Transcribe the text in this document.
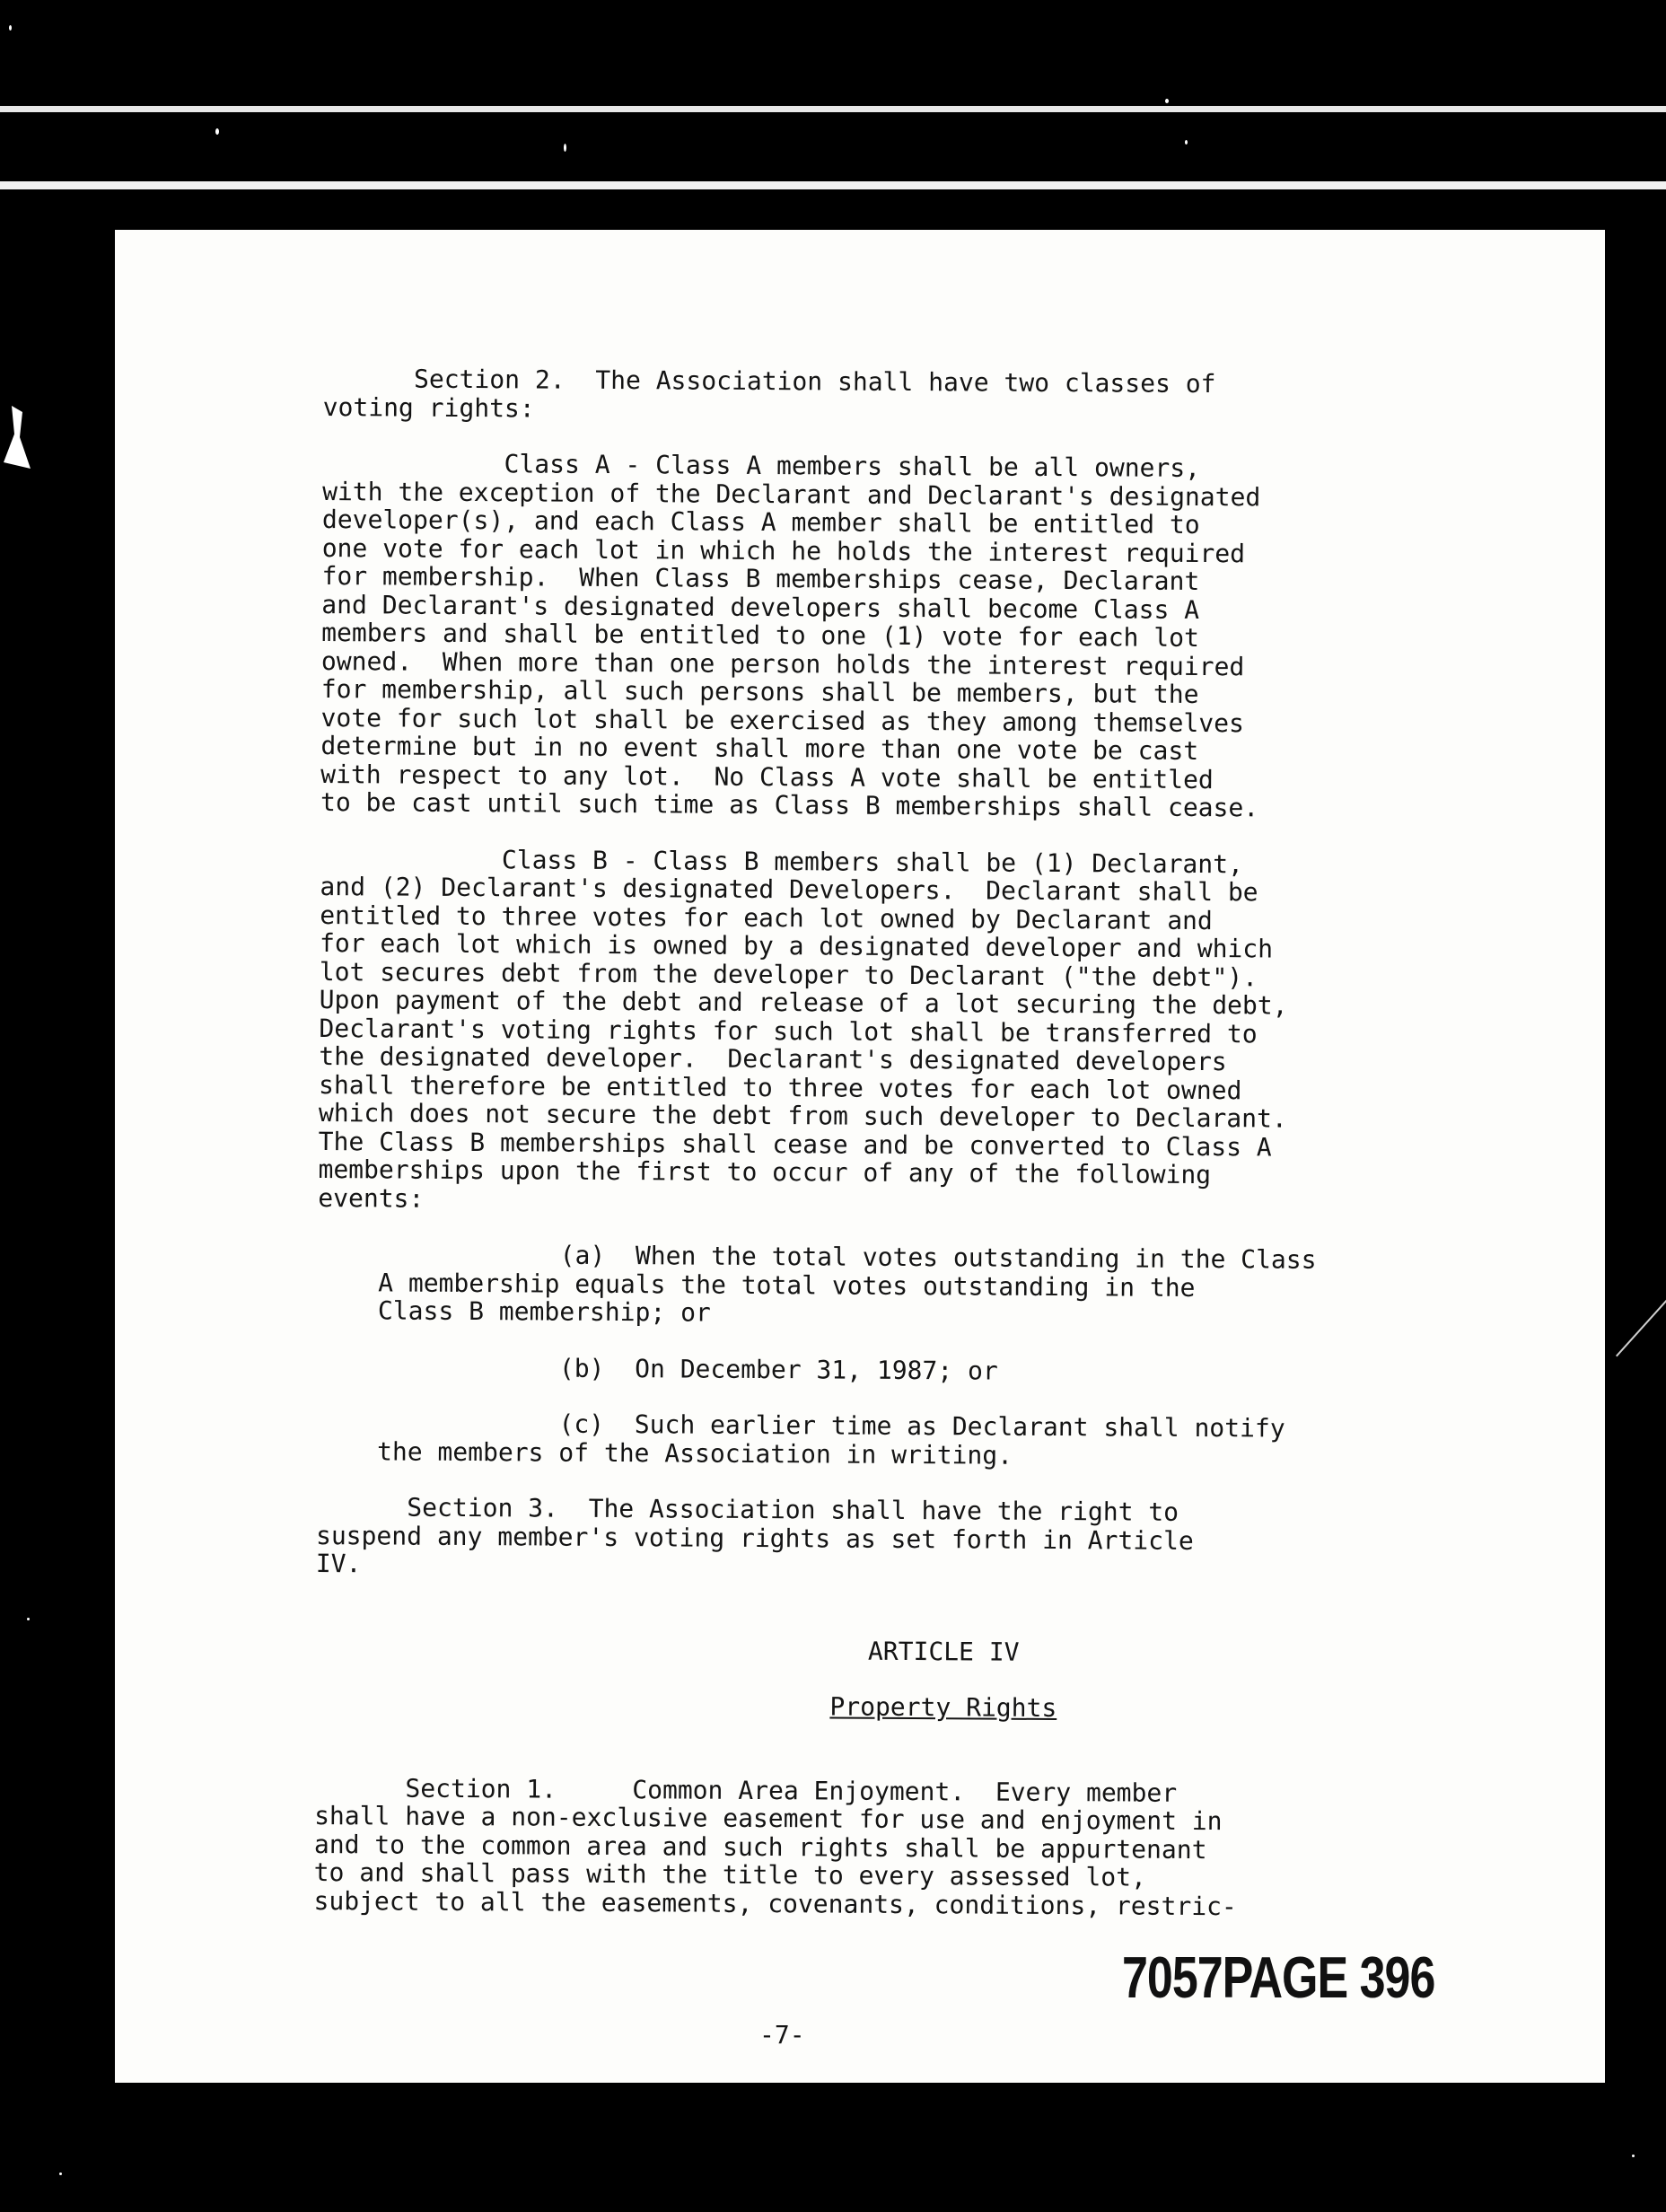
Section 2.  The Association shall have two classes of

voting rights:

Class A - Class A members shall be all owners,

with the exception of the Declarant and Declarant's designated

developer(s), and each Class A member shall be entitled to

one vote for each lot in which he holds the interest required

for membership.  When Class B memberships cease, Declarant

and Declarant's designated developers shall become Class A

members and shall be entitled to one (1) vote for each lot

owned.  When more than one person holds the interest required

for membership, all such persons shall be members, but the

vote for such lot shall be exercised as they among themselves

determine but in no event shall more than one vote be cast

with respect to any lot.  No Class A vote shall be entitled

to be cast until such time as Class B memberships shall cease.

Class B - Class B members shall be (1) Declarant,

and (2) Declarant's designated Developers.  Declarant shall be

entitled to three votes for each lot owned by Declarant and

for each lot which is owned by a designated developer and which

lot secures debt from the developer to Declarant ("the debt").

Upon payment of the debt and release of a lot securing the debt,

Declarant's voting rights for such lot shall be transferred to

the designated developer.  Declarant's designated developers

shall therefore be entitled to three votes for each lot owned

which does not secure the debt from such developer to Declarant.

The Class B memberships shall cease and be converted to Class A

memberships upon the first to occur of any of the following

events:

(a)  When the total votes outstanding in the Class

A membership equals the total votes outstanding in the

Class B membership; or

(b)  On December 31, 1987; or

(c)  Such earlier time as Declarant shall notify

the members of the Association in writing.

Section 3.  The Association shall have the right to

suspend any member's voting rights as set forth in Article

IV.

ARTICLE IV

Property Rights

Section 1.     Common Area Enjoyment.  Every member

shall have a non-exclusive easement for use and enjoyment in

and to the common area and such rights shall be appurtenant

to and shall pass with the title to every assessed lot,

subject to all the easements, covenants, conditions, restric-

7057PAGE 396
-7-
